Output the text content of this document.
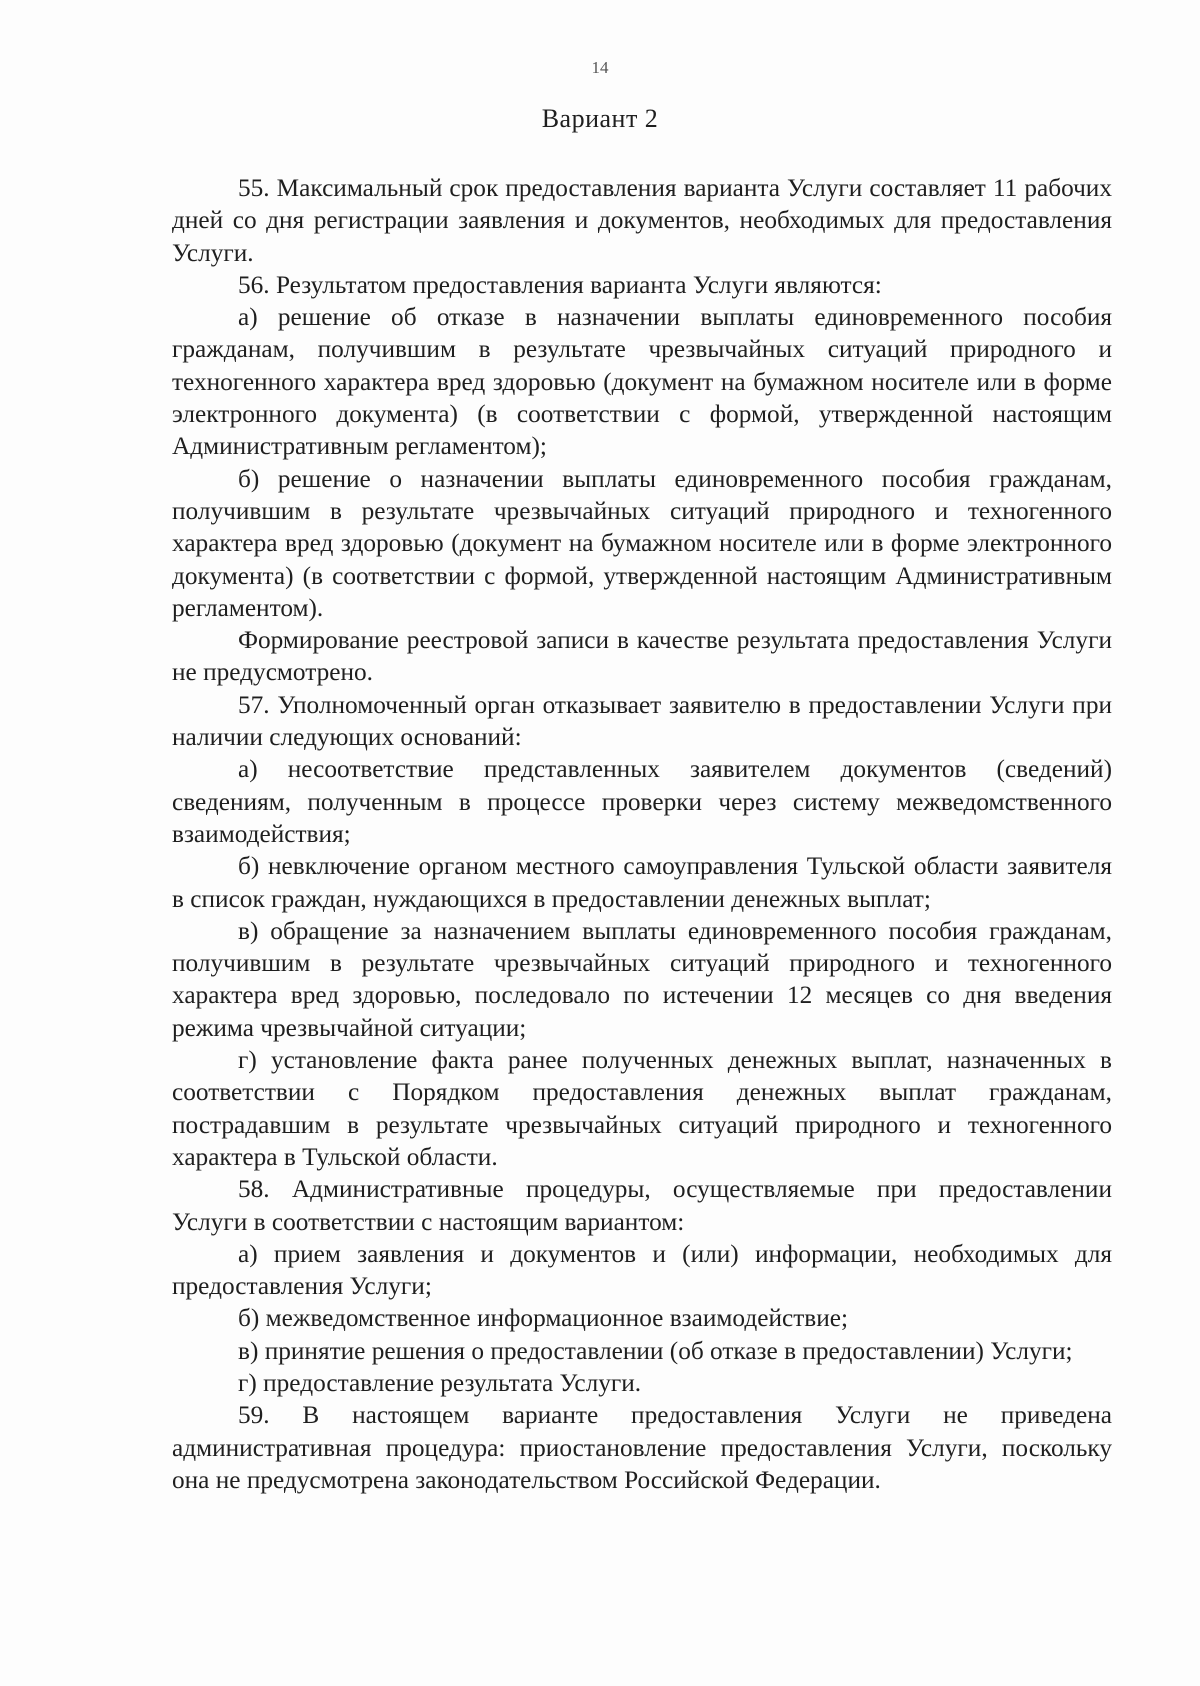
14
Вариант 2

55. Максимальный срок предоставления варианта Услуги составляет 11 рабочих дней со дня регистрации заявления и документов, необходимых для предоставления Услуги.

56. Результатом предоставления варианта Услуги являются:

а) решение об отказе в назначении выплаты единовременного пособия гражданам, получившим в результате чрезвычайных ситуаций природного и техногенного характера вред здоровью (документ на бумажном носителе или в форме электронного документа) (в соответствии с формой, утвержденной настоящим Административным регламентом);

б) решение о назначении выплаты единовременного пособия гражданам, получившим в результате чрезвычайных ситуаций природного и техногенного характера вред здоровью (документ на бумажном носителе или в форме электронного документа) (в соответствии с формой, утвержденной настоящим Административным регламентом).

Формирование реестровой записи в качестве результата предоставления Услуги не предусмотрено.

57. Уполномоченный орган отказывает заявителю в предоставлении Услуги при наличии следующих оснований:

а) несоответствие представленных заявителем документов (сведений) сведениям, полученным в процессе проверки через систему межведомственного взаимодействия;

б) невключение органом местного самоуправления Тульской области заявителя в список граждан, нуждающихся в предоставлении денежных выплат;

в) обращение за назначением выплаты единовременного пособия гражданам, получившим в результате чрезвычайных ситуаций природного и техногенного характера вред здоровью, последовало по истечении 12 месяцев со дня введения режима чрезвычайной ситуации;

г) установление факта ранее полученных денежных выплат, назначенных в соответствии с Порядком предоставления денежных выплат гражданам, пострадавшим в результате чрезвычайных ситуаций природного и техногенного характера в Тульской области.

58. Административные процедуры, осуществляемые при предоставлении Услуги в соответствии с настоящим вариантом:

а) прием заявления и документов и (или) информации, необходимых для предоставления Услуги;

б) межведомственное информационное взаимодействие;

в) принятие решения о предоставлении (об отказе в предоставлении) Услуги;

г) предоставление результата Услуги.

59. В настоящем варианте предоставления Услуги не приведена административная процедура: приостановление предоставления Услуги, поскольку она не предусмотрена законодательством Российской Федерации.
